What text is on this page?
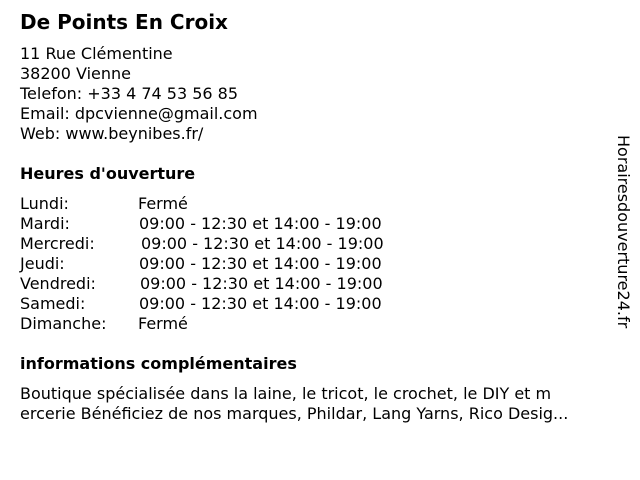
De Points En Croix
11 Rue Clémentine
38200 Vienne
Telefon: +33 4 74 53 56 85
Email: dpcvienne@gmail.com
Web: www.beynibes.fr/
Heures d'ouverture
Lundi:	Fermé
Mardi:	09:00 - 12:30 et 14:00 - 19:00
Mercredi:	09:00 - 12:30 et 14:00 - 19:00
Jeudi:	09:00 - 12:30 et 14:00 - 19:00
Vendredi:	09:00 - 12:30 et 14:00 - 19:00
Samedi:	09:00 - 12:30 et 14:00 - 19:00
Dimanche: Fermé
informations complémentaires
Boutique spécialisée dans la laine, le tricot, le crochet, le DIY et m
ercerie Bénéficiez de nos marques, Phildar, Lang Yarns, Rico Desig...
Horairesdouverture24.fr
